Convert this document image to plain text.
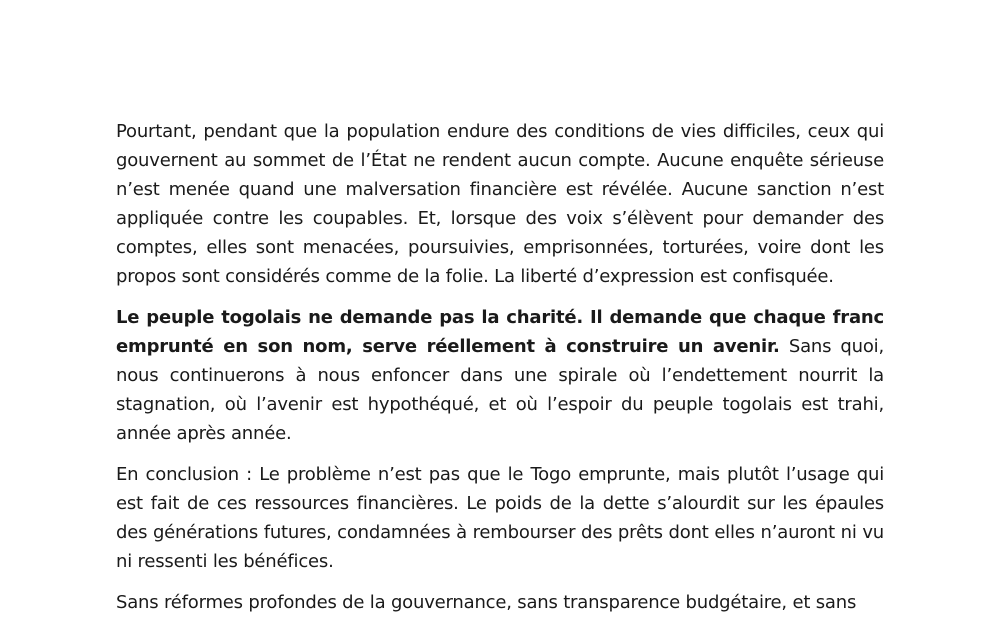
Pourtant, pendant que la population endure des conditions de vies difficiles, ceux qui gouvernent au sommet de l’État ne rendent aucun compte. Aucune enquête sérieuse n’est menée quand une malversation financière est révélée. Aucune sanction n’est appliquée contre les coupables. Et, lorsque des voix s’élèvent pour demander des comptes, elles sont menacées, poursuivies, emprisonnées, torturées, voire dont les propos sont considérés comme de la folie. La liberté d’expression est confisquée.

Le peuple togolais ne demande pas la charité. Il demande que chaque franc emprunté en son nom, serve réellement à construire un avenir. Sans quoi, nous continuerons à nous enfoncer dans une spirale où l’endettement nourrit la stagnation, où l’avenir est hypothéqué, et où l’espoir du peuple togolais est trahi, année après année.

En conclusion : Le problème n’est pas que le Togo emprunte, mais plutôt l’usage qui est fait de ces ressources financières. Le poids de la dette s’alourdit sur les épaules des générations futures, condamnées à rembourser des prêts dont elles n’auront ni vu ni ressenti les bénéfices.

Sans réformes profondes de la gouvernance, sans transparence budgétaire, et sans
